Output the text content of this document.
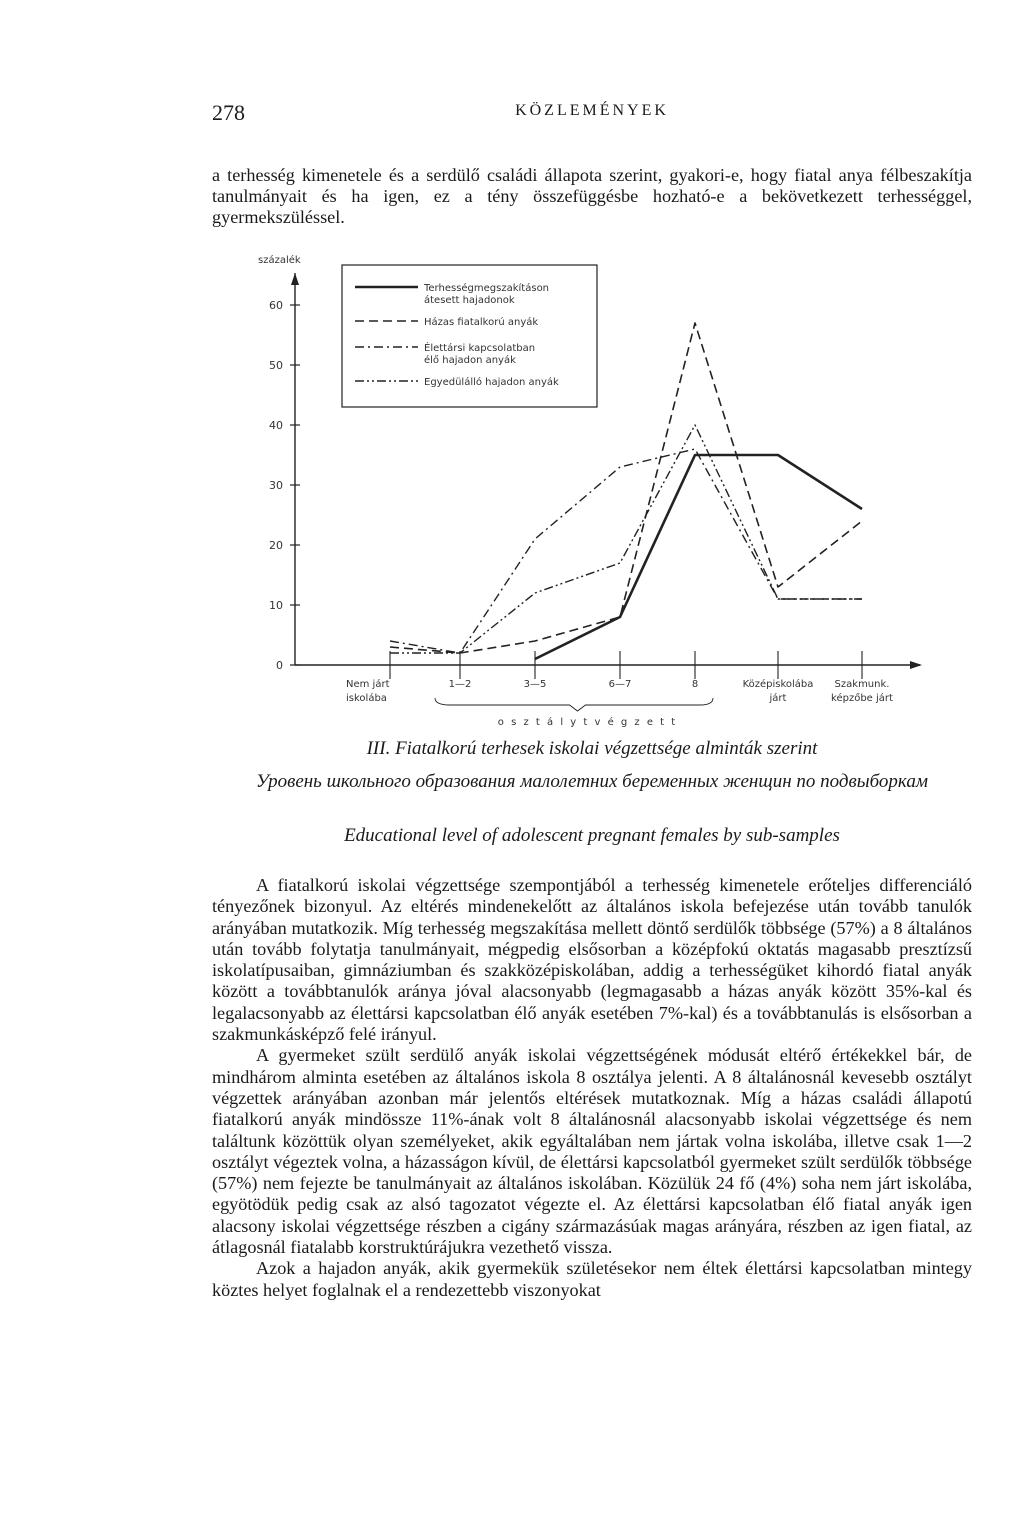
278	KÖZLEMÉNYEK

a terhesség kimenetele és a serdülő családi állapota szerint, gyakori-e, hogy fiatal anya félbeszakítja tanulmányait és ha igen, ez a tény összefüggésbe hozható-e a bekövetkezett terhességgel, gyermekszüléssel.

százalék
0
10
20
30
40
50
60
Terhességmegszakításon
átesett hajadonok
Házas fiatalkorú anyák
Élettársi kapcsolatban
élő hajadon anyák
Egyedülálló hajadon anyák
Nem járt
iskolába
1—2	3—5	6—7	8	Középiskolába
járt
Szakmunk.
képzőbe járt
o s z t á l y t v é g z e t t

III. Fiatalkorú terhesek iskolai végzettsége alminták szerint

Уровень школьного образования малолетних беременных женщин по подвыборкам

Educational level of adolescent pregnant females by sub-samples

A fiatalkorú iskolai végzettsége szempontjából a terhesség kimenetele erőteljes differenciáló tényezőnek bizonyul. Az eltérés mindenekelőtt az általános iskola befejezése után tovább tanulók arányában mutatkozik. Míg terhesség megszakítása mellett döntő serdülők többsége (57%) a 8 általános után tovább folytatja tanulmányait, mégpedig elsősorban a középfokú oktatás magasabb presztízsű iskolatípusaiban, gimnáziumban és szakközépiskolában, addig a terhességüket kihordó fiatal anyák között a továbbtanulók aránya jóval alacsonyabb (legmagasabb a házas anyák között 35%-kal és legalacsonyabb az élettársi kapcsolatban élő anyák esetében 7%-kal) és a továbbtanulás is elsősorban a szakmunkásképző felé irányul.

A gyermeket szült serdülő anyák iskolai végzettségének módusát eltérő értékekkel bár, de mindhárom alminta esetében az általános iskola 8 osztálya jelenti. A 8 általánosnál kevesebb osztályt végzettek arányában azonban már jelentős eltérések mutatkoznak. Míg a házas családi állapotú fiatalkorú anyák mindössze 11%-ának volt 8 általánosnál alacsonyabb iskolai végzettsége és nem találtunk közöttük olyan személyeket, akik egyáltalában nem jártak volna iskolába, illetve csak 1—2 osztályt végeztek volna, a házasságon kívül, de élettársi kapcsolatból gyermeket szült serdülők többsége (57%) nem fejezte be tanulmányait az általános iskolában. Közülük 24 fő (4%) soha nem járt iskolába, egyötödük pedig csak az alsó tagozatot végezte el. Az élettársi kapcsolatban élő fiatal anyák igen alacsony iskolai végzettsége részben a cigány származásúak magas arányára, részben az igen fiatal, az átlagosnál fiatalabb korstruktúrájukra vezethető vissza.

Azok a hajadon anyák, akik gyermekük születésekor nem éltek élettársi kapcsolatban mintegy köztes helyet foglalnak el a rendezettebb viszonyokat
